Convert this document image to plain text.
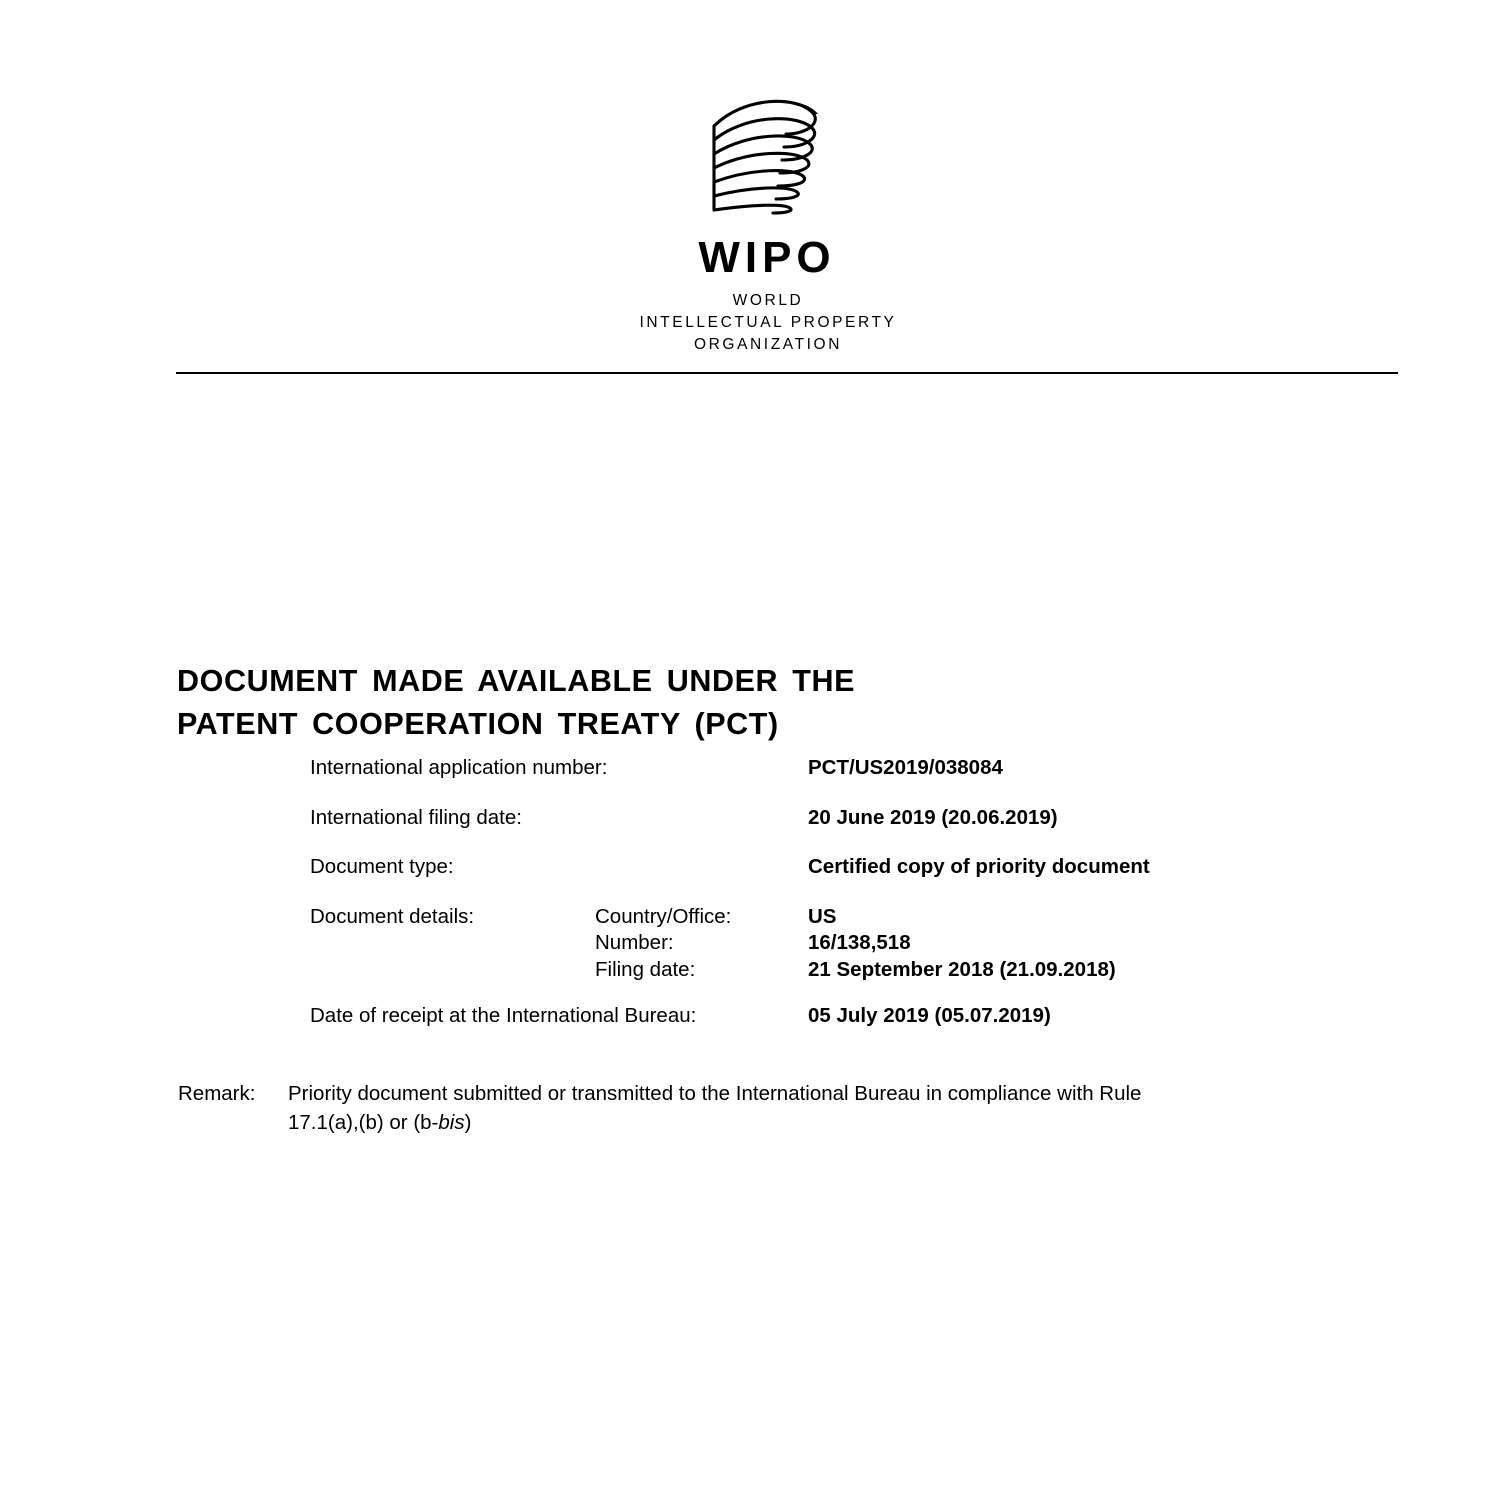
WIPO
WORLD
INTELLECTUAL PROPERTY
ORGANIZATION
DOCUMENT MADE AVAILABLE UNDER THE
PATENT COOPERATION TREATY (PCT)
International application number:	PCT/US2019/038084
International filing date:	20 June 2019 (20.06.2019)
Document type:	Certified copy of priority document
Document details:	Country/Office:	US
Number:	16/138,518
Filing date:	21 September 2018 (21.09.2018)
Date of receipt at the International Bureau:	05 July 2019 (05.07.2019)
Remark:	Priority document submitted or transmitted to the International Bureau in compliance with Rule
17.1(a),(b) or (b-bis)
